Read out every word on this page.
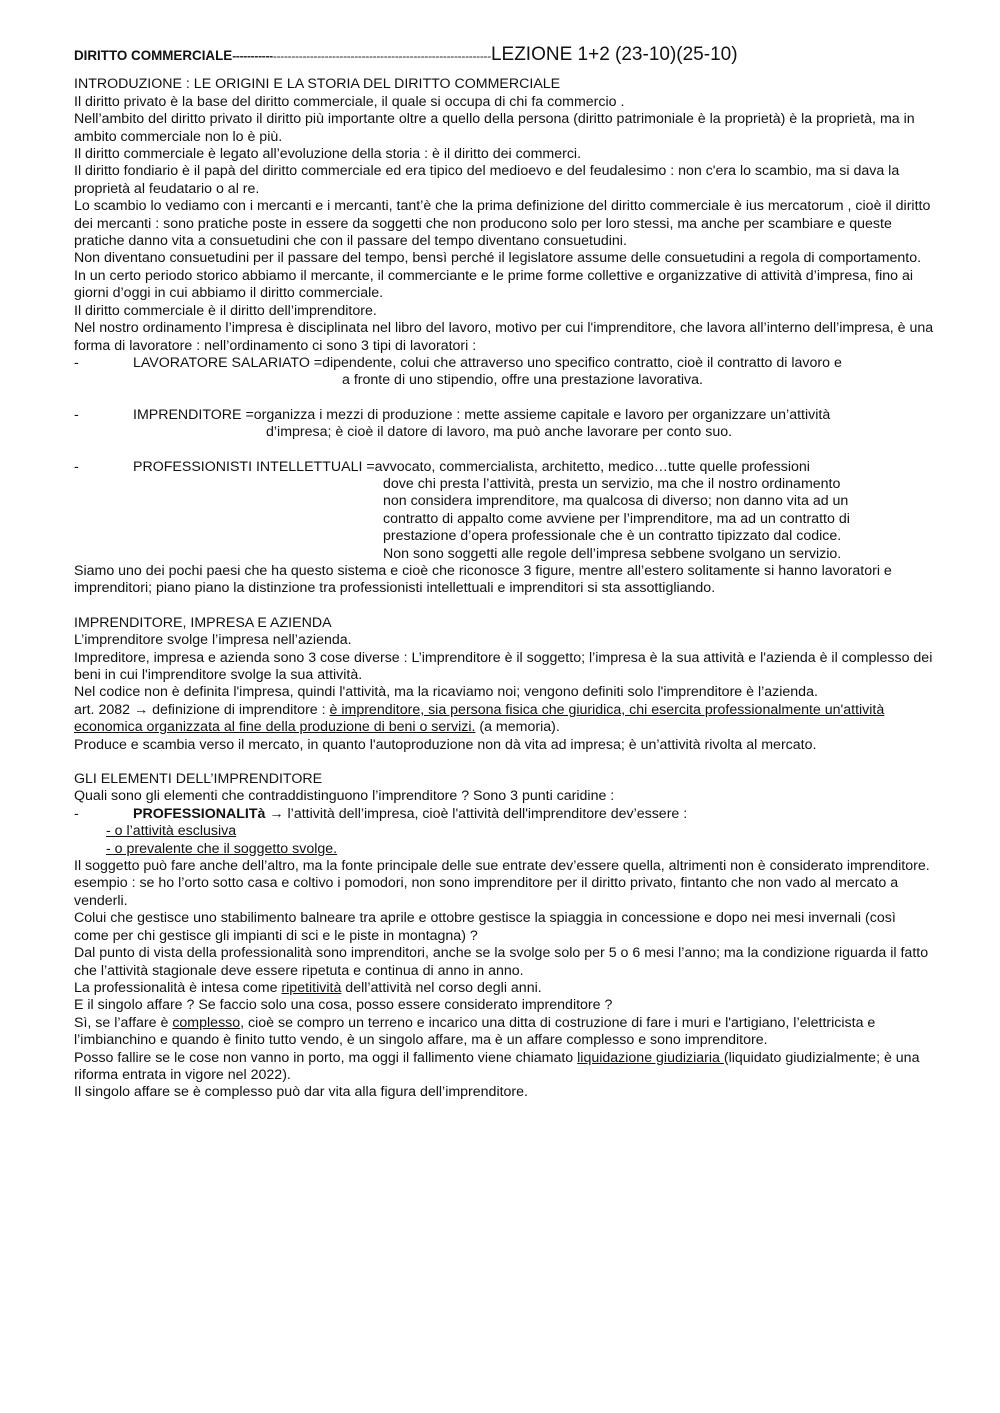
DIRITTO COMMERCIALE ---------------------------------------------------------------------- LEZIONE 1+2 (23-10)(25-10)

INTRODUZIONE : LE ORIGINI E LA STORIA DEL DIRITTO COMMERCIALE

Il diritto privato è la base del diritto commerciale, il quale si occupa di chi fa commercio .

Nell’ambito del diritto privato il diritto più importante oltre a quello della persona (diritto patrimoniale è la proprietà) è la proprietà, ma in ambito commerciale non lo è più.

Il diritto commerciale è legato all’evoluzione della storia : è il diritto dei commerci.

Il diritto fondiario è il papà del diritto commerciale ed era tipico del medioevo e del feudalesimo : non c'era lo scambio, ma si dava la proprietà al feudatario o al re.

Lo scambio lo vediamo con i mercanti e i mercanti, tant’è che la prima definizione del diritto commerciale è ius mercatorum , cioè il diritto dei mercanti : sono pratiche poste in essere da soggetti che non producono solo per loro stessi, ma anche per scambiare e queste pratiche danno vita a consuetudini che con il passare del tempo diventano consuetudini.

Non diventano consuetudini per il passare del tempo, bensì perché il legislatore assume delle consuetudini a regola di comportamento.

In un certo periodo storico abbiamo il mercante, il commerciante e le prime forme collettive e organizzative di attività d’impresa, fino ai giorni d’oggi in cui abbiamo il diritto commerciale.

Il diritto commerciale è il diritto dell’imprenditore.

Nel nostro ordinamento l’impresa è disciplinata nel libro del lavoro, motivo per cui l'imprenditore, che lavora all’interno dell’impresa, è una forma di lavoratore : nell’ordinamento ci sono 3 tipi di lavoratori :

-	LAVORATORE SALARIATO = dipendente, colui che attraverso uno specifico contratto, cioè il contratto di lavoro e
a fronte di uno stipendio, offre una prestazione lavorativa.
-	IMPRENDITORE = organizza i mezzi di produzione : mette assieme capitale e lavoro per organizzare un’attività
d’impresa; è cioè il datore di lavoro, ma può anche lavorare per conto suo.
-	PROFESSIONISTI INTELLETTUALI = avvocato, commercialista, architetto, medico…tutte quelle professioni
dove chi presta l’attività, presta un servizio, ma che il nostro ordinamento
non considera imprenditore, ma qualcosa di diverso; non danno vita ad un
contratto di appalto come avviene per l’imprenditore, ma ad un contratto di
prestazione d’opera professionale che è un contratto tipizzato dal codice.
Non sono soggetti alle regole dell’impresa sebbene svolgano un servizio.

Siamo uno dei pochi paesi che ha questo sistema e cioè che riconosce 3 figure, mentre all’estero solitamente si hanno lavoratori e imprenditori; piano piano la distinzione tra professionisti intellettuali e imprenditori si sta assottigliando.

IMPRENDITORE, IMPRESA E AZIENDA

L’imprenditore svolge l’impresa nell’azienda.

Impreditore, impresa e azienda sono 3 cose diverse : L’imprenditore è il soggetto; l’impresa è la sua attività e l'azienda è il complesso dei beni in cui l'imprenditore svolge la sua attività.

Nel codice non è definita l'impresa, quindi l'attività, ma la ricaviamo noi; vengono definiti solo l'imprenditore è l’azienda.

art. 2082 → definizione di imprenditore : è imprenditore, sia persona fisica che giuridica, chi esercita professionalmente un'attività economica organizzata al fine della produzione di beni o servizi. (a memoria).

Produce e scambia verso il mercato, in quanto l'autoproduzione non dà vita ad impresa; è un’attività rivolta al mercato.

GLI ELEMENTI DELL’IMPRENDITORE

Quali sono gli elementi che contraddistinguono l’imprenditore ? Sono 3 punti caridine :

-	PROFESSIONALITà → l’attività dell’impresa, cioè l'attività dell'imprenditore dev’essere :

- o l’attività esclusiva

- o prevalente che il soggetto svolge.

Il soggetto può fare anche dell’altro, ma la fonte principale delle sue entrate dev’essere quella, altrimenti non è considerato imprenditore.

esempio : se ho l’orto sotto casa e coltivo i pomodori, non sono imprenditore per il diritto privato, fintanto che non vado al mercato a venderli.

Colui che gestisce uno stabilimento balneare tra aprile e ottobre gestisce la spiaggia in concessione e dopo nei mesi invernali (così come per chi gestisce gli impianti di sci e le piste in montagna) ?

Dal punto di vista della professionalità sono imprenditori, anche se la svolge solo per 5 o 6 mesi l’anno; ma la condizione riguarda il fatto che l’attività stagionale deve essere ripetuta e continua di anno in anno.

La professionalità è intesa come ripetitività dell’attività nel corso degli anni.

E il singolo affare ? Se faccio solo una cosa, posso essere considerato imprenditore ?

Sì, se l’affare è complesso, cioè se compro un terreno e incarico una ditta di costruzione di fare i muri e l'artigiano, l’elettricista e l’imbianchino e quando è finito tutto vendo, è un singolo affare, ma è un affare complesso e sono imprenditore.

Posso fallire se le cose non vanno in porto, ma oggi il fallimento viene chiamato liquidazione giudiziaria (liquidato giudizialmente; è una riforma entrata in vigore nel 2022).

Il singolo affare se è complesso può dar vita alla figura dell’imprenditore.
